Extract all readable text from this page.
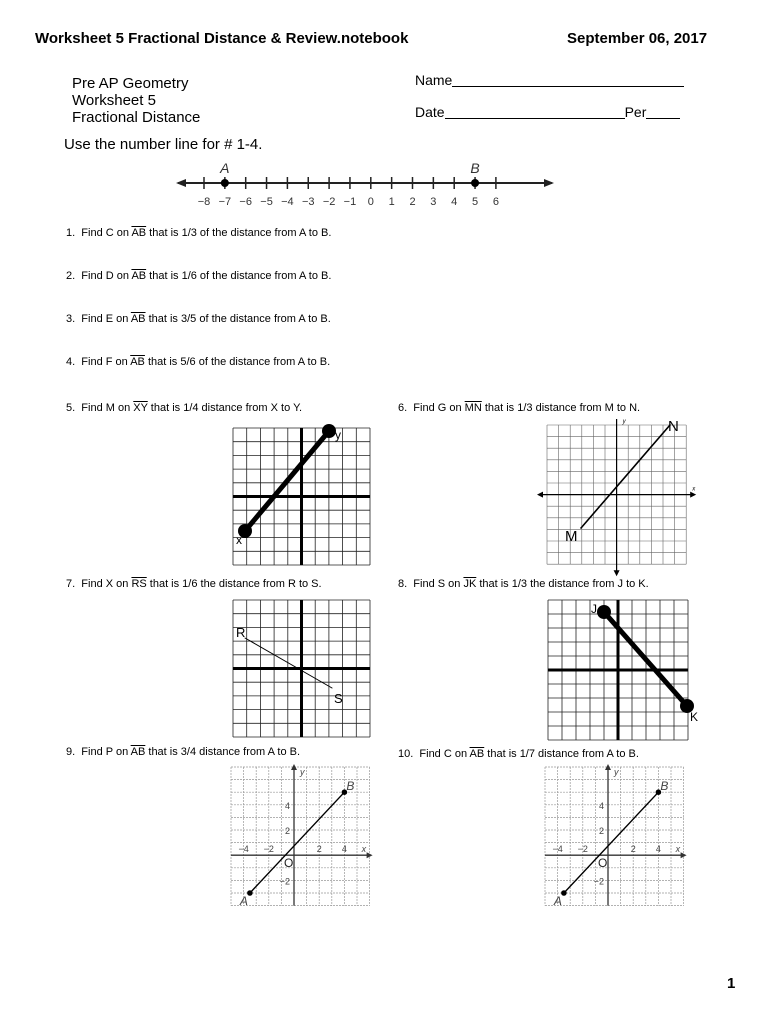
Worksheet 5 Fractional Distance & Review.notebook	September 06, 2017
Pre AP Geometry
Worksheet 5
Fractional Distance
Name
Date	Per
Use the number line for # 1-4.
−8 −7 −6 −5 −4 −3 −2 −1 0 1 2 3 4 5 6
A	B
1.  Find C on $\overline{AB}$ that is 1/3 of the distance from A to B.
2.  Find D on $\overline{AB}$ that is 1/6 of the distance from A to B.
3.  Find E on $\overline{AB}$ that is 3/5 of the distance from A to B.
4.  Find F on $\overline{AB}$ that is 5/6 of the distance from A to B.
5.  Find M on $\overline{XY}$ that is 1/4 distance from X to Y.	6.  Find G on $\overline{MN}$ that is 1/3 distance from M to N.
7.  Find X on $\overline{RS}$ that is 1/6 the distance from R to S.	8.  Find S on $\overline{JK}$ that is 1/3 the distance from J to K.
9.  Find P on $\overline{AB}$ that is 3/4 distance from A to B.	10.  Find C on $\overline{AB}$ that is 1/7 distance from A to B.
x
y
y
x
M
N
R
S
J
K
y
x
O
−4 −2	2 4
4
2
−2
A
B
y
x
O
−4 −2	2 4
4
2
−2
A
B
1
